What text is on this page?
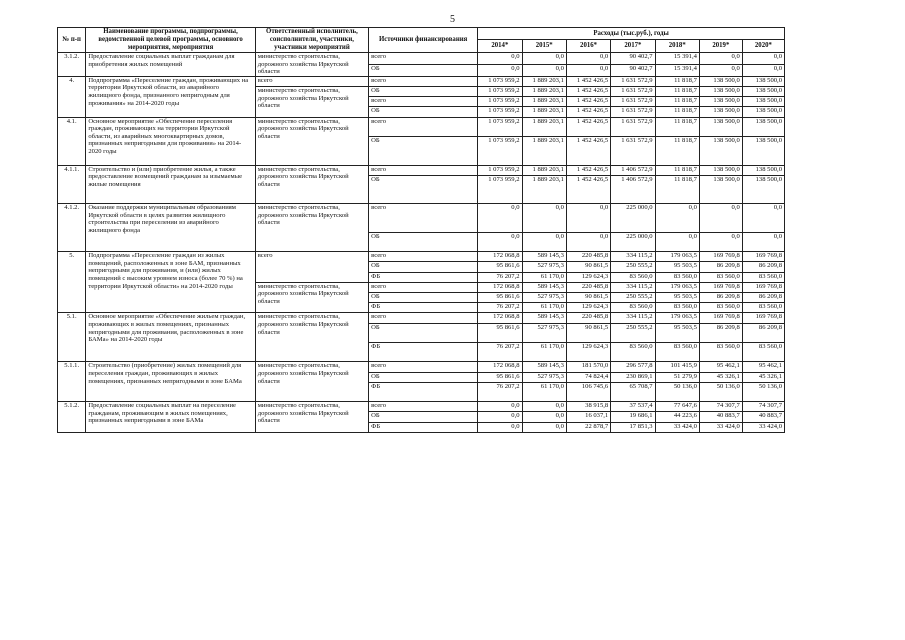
5
№ п-п	Наименование программы, подпрограммы, ведомственной целевой программы, основного мероприятия, мероприятия	Ответственный исполнитель, соисполнители, участники, участники мероприятий	Источники финансирования	Расходы (тыс.руб.), годы						
				2014*	2015*	2016*	2017*	2018*	2019*	2020*
3.1.2.	Предоставление социальных выплат гражданам для приобретения жилых помещений	министерство строительства, дорожного хозяйства Иркутской области	всего	0,0	0,0	0,0	90 402,7	15 391,4	0,0	0,0
			ОБ	0,0	0,0	0,0	90 402,7	15 391,4	0,0	0,0
4.	Подпрограмма «Переселение граждан, проживающих на территории Иркутской области, из аварийного жилищного фонда, признанного непригодным для проживания» на 2014-2020 годы	всего	всего	1 073 959,2	1 889 203,1	1 452 426,5	1 631 572,9	11 818,7	138 500,0	138 500,0
		министерство строительства, дорожного хозяйства Иркутской области	ОБ	1 073 959,2	1 889 203,1	1 452 426,5	1 631 572,9	11 818,7	138 500,0	138 500,0
			всего	1 073 959,2	1 889 203,1	1 452 426,5	1 631 572,9	11 818,7	138 500,0	138 500,0
			ОБ	1 073 959,2	1 889 203,1	1 452 426,5	1 631 572,9	11 818,7	138 500,0	138 500,0
4.1.	Основное мероприятие «Обеспечение переселения граждан, проживающих на территории Иркутской области, из аварийных многоквартирных домов, признанных непригодными для проживания» на 2014-2020 годы	министерство строительства, дорожного хозяйства Иркутской области	всего	1 073 959,2	1 889 203,1	1 452 426,5	1 631 572,9	11 818,7	138 500,0	138 500,0
			ОБ	1 073 959,2	1 889 203,1	1 452 426,5	1 631 572,9	11 818,7	138 500,0	138 500,0
4.1.1.	Строительство и (или) приобретение жилья, а также предоставление возмещений гражданам за изымаемые жилые помещения	министерство строительства, дорожного хозяйства Иркутской области	всего	1 073 959,2	1 889 203,1	1 452 426,5	1 406 572,9	11 818,7	138 500,0	138 500,0
			ОБ	1 073 959,2	1 889 203,1	1 452 426,5	1 406 572,9	11 818,7	138 500,0	138 500,0
4.1.2.	Оказание поддержки муниципальным образованиям Иркутской области в целях развития жилищного строительства при переселении из аварийного жилищного фонда	министерство строительства, дорожного хозяйства Иркутской области	всего	0,0	0,0	0,0	225 000,0	0,0	0,0	0,0
			ОБ	0,0	0,0	0,0	225 000,0	0,0	0,0	0,0
5.	Подпрограмма «Переселение граждан из жилых помещений, расположенных в зоне БАМ, признанных непригодными для проживания, и (или) жилых помещений с высоким уровнем износа (более 70 %) на территории Иркутской области» на 2014-2020 годы	всего	всего	172 068,8	589 145,3	220 485,8	334 115,2	179 063,5	169 769,8	169 769,8
			ОБ	95 861,6	527 975,3	90 861,5	250 555,2	95 503,5	86 209,8	86 209,8
			ФБ	76 207,2	61 170,0	129 624,3	83 560,0	83 560,0	83 560,0	83 560,0
		министерство строительства, дорожного хозяйства Иркутской области	всего	172 068,8	589 145,3	220 485,8	334 115,2	179 063,5	169 769,8	169 769,8
			ОБ	95 861,6	527 975,3	90 861,5	250 555,2	95 503,5	86 209,8	86 209,8
			ФБ	76 207,2	61 170,0	129 624,3	83 560,0	83 560,0	83 560,0	83 560,0
5.1.	Основное мероприятие «Обеспечение жильем граждан, проживающих в жилых помещениях, признанных непригодными для проживания, расположенных в зоне БАМа» на 2014-2020 годы	министерство строительства, дорожного хозяйства Иркутской области	всего	172 068,8	589 145,3	220 485,8	334 115,2	179 063,5	169 769,8	169 769,8
			ОБ	95 861,6	527 975,3	90 861,5	250 555,2	95 503,5	86 209,8	86 209,8
			ФБ	76 207,2	61 170,0	129 624,3	83 560,0	83 560,0	83 560,0	83 560,0
5.1.1.	Строительство (приобретение) жилых помещений для переселения граждан, проживающих в жилых помещениях, признанных непригодными в зоне БАМа	министерство строительства, дорожного хозяйства Иркутской области	всего	172 068,8	589 145,3	181 570,0	296 577,8	101 415,9	95 462,1	95 462,1
			ОБ	95 861,6	527 975,3	74 824,4	230 869,1	51 279,9	45 326,1	45 326,1
			ФБ	76 207,2	61 170,0	106 745,6	65 708,7	50 136,0	50 136,0	50 136,0
5.1.2.	Предоставление социальных выплат на переселение гражданам, проживающим в жилых помещениях, признанных непригодными в зоне БАМа	министерство строительства, дорожного хозяйства Иркутской области	всего	0,0	0,0	38 915,8	37 537,4	77 647,6	74 307,7	74 307,7
			ОБ	0,0	0,0	16 037,1	19 686,1	44 223,6	40 883,7	40 883,7
			ФБ	0,0	0,0	22 878,7	17 851,3	33 424,0	33 424,0	33 424,0
